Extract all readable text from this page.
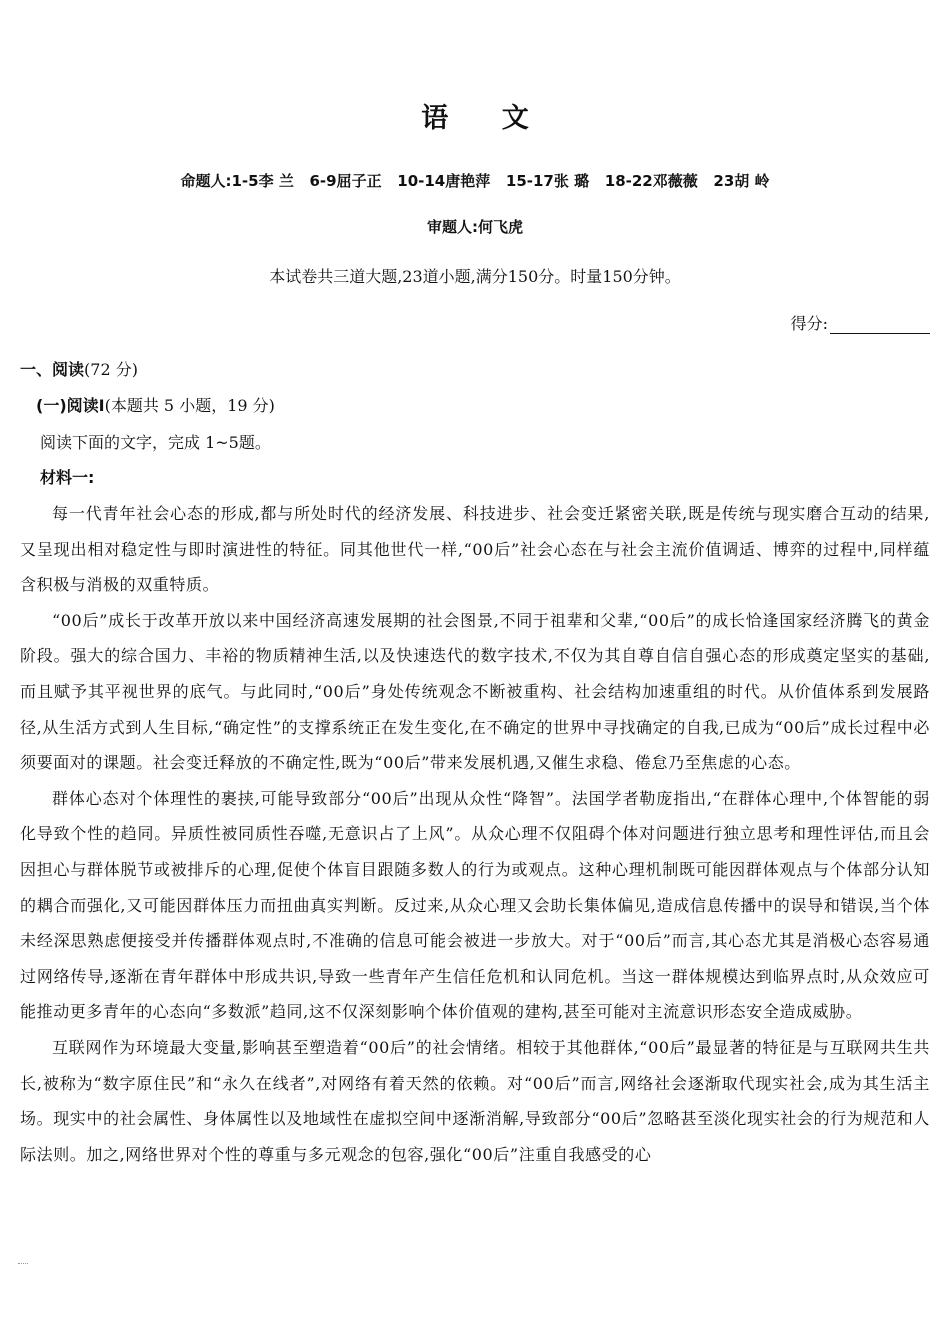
语 文
命题人:1-5李 兰   6-9屈子正   10-14唐艳萍   15-17张 璐   18-22邓薇薇   23胡 岭
审题人:何飞虎
本试卷共三道大题,23道小题,满分150分。时量150分钟。
得分:
一、阅读(72 分)
(一)阅读Ⅰ(本题共 5 小题，19 分)
阅读下面的文字，完成 1~5题。
材料一:

每一代青年社会心态的形成,都与所处时代的经济发展、科技进步、社会变迁紧密关联,既是传统与现实磨合互动的结果,又呈现出相对稳定性与即时演进性的特征。同其他世代一样,“00后”社会心态在与社会主流价值调适、博弈的过程中,同样蕴含积极与消极的双重特质。

“00后”成长于改革开放以来中国经济高速发展期的社会图景,不同于祖辈和父辈,“00后”的成长恰逢国家经济腾飞的黄金阶段。强大的综合国力、丰裕的物质精神生活,以及快速迭代的数字技术,不仅为其自尊自信自强心态的形成奠定坚实的基础,而且赋予其平视世界的底气。与此同时,“00后”身处传统观念不断被重构、社会结构加速重组的时代。从价值体系到发展路径,从生活方式到人生目标,“确定性”的支撑系统正在发生变化,在不确定的世界中寻找确定的自我,已成为“00后”成长过程中必须要面对的课题。社会变迁释放的不确定性,既为“00后”带来发展机遇,又催生求稳、倦怠乃至焦虑的心态。

群体心态对个体理性的裹挟,可能导致部分“00后”出现从众性“降智”。法国学者勒庞指出,“在群体心理中,个体智能的弱化导致个性的趋同。异质性被同质性吞噬,无意识占了上风”。从众心理不仅阻碍个体对问题进行独立思考和理性评估,而且会因担心与群体脱节或被排斥的心理,促使个体盲目跟随多数人的行为或观点。这种心理机制既可能因群体观点与个体部分认知的耦合而强化,又可能因群体压力而扭曲真实判断。反过来,从众心理又会助长集体偏见,造成信息传播中的误导和错误,当个体未经深思熟虑便接受并传播群体观点时,不准确的信息可能会被进一步放大。对于“00后”而言,其心态尤其是消极心态容易通过网络传导,逐渐在青年群体中形成共识,导致一些青年产生信任危机和认同危机。当这一群体规模达到临界点时,从众效应可能推动更多青年的心态向“多数派”趋同,这不仅深刻影响个体价值观的建构,甚至可能对主流意识形态安全造成威胁。

互联网作为环境最大变量,影响甚至塑造着“00后”的社会情绪。相较于其他群体,“00后”最显著的特征是与互联网共生共长,被称为“数字原住民”和“永久在线者”,对网络有着天然的依赖。对“00后”而言,网络社会逐渐取代现实社会,成为其生活主场。现实中的社会属性、身体属性以及地域性在虚拟空间中逐渐消解,导致部分“00后”忽略甚至淡化现实社会的行为规范和人际法则。加之,网络世界对个性的尊重与多元观念的包容,强化“00后”注重自我感受的心
